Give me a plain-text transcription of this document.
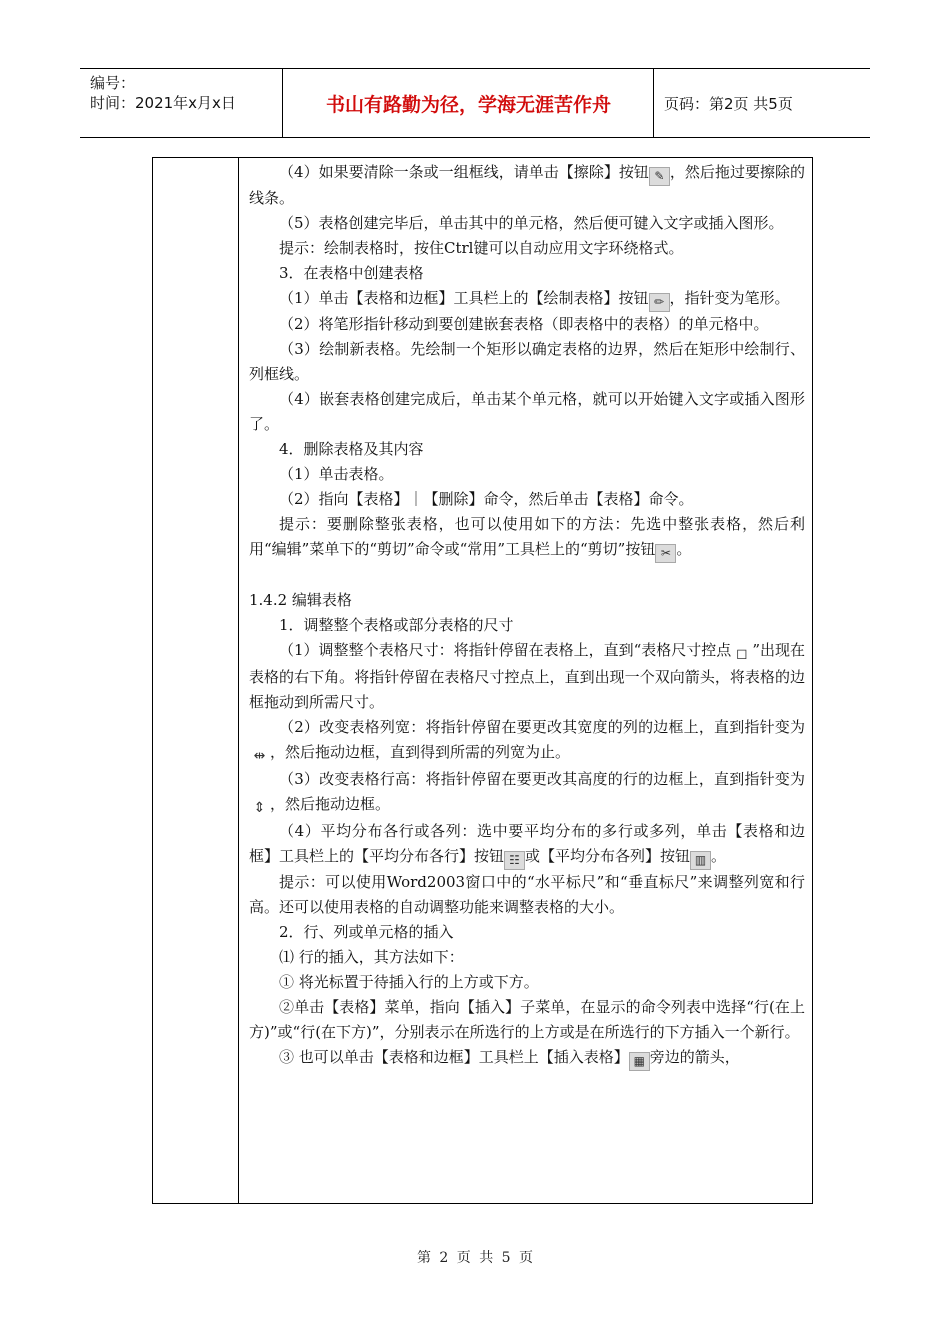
编号：
时间：2021年x月x日	书山有路勤为径，学海无涯苦作舟	页码：第2页 共5页

（4）如果要清除一条或一组框线，请单击【擦除】按钮 ✎ ，然后拖过要擦除的线条。

（5）表格创建完毕后，单击其中的单元格，然后便可键入文字或插入图形。

提示：绘制表格时，按住Ctrl键可以自动应用文字环绕格式。

3．在表格中创建表格

（1）单击【表格和边框】工具栏上的【绘制表格】按钮 ✏ ，指针变为笔形。

（2）将笔形指针移动到要创建嵌套表格（即表格中的表格）的单元格中。

（3）绘制新表格。先绘制一个矩形以确定表格的边界，然后在矩形中绘制行、列框线。

（4）嵌套表格创建完成后，单击某个单元格，就可以开始键入文字或插入图形了。

4．删除表格及其内容

（1）单击表格。

（2）指向【表格】｜【删除】命令，然后单击【表格】命令。

提示：要删除整张表格，也可以使用如下的方法：先选中整张表格，然后利用“编辑”菜单下的“剪切”命令或“常用”工具栏上的“剪切”按钮 ✂ 。

1.4.2 编辑表格

1．调整整个表格或部分表格的尺寸

（1）调整整个表格尺寸：将指针停留在表格上，直到“表格尺寸控点 ◻ ”出现在表格的右下角。将指针停留在表格尺寸控点上，直到出现一个双向箭头，将表格的边框拖动到所需尺寸。

（2）改变表格列宽：将指针停留在要更改其宽度的列的边框上，直到指针变为⇹ ，然后拖动边框，直到得到所需的列宽为止。

（3）改变表格行高：将指针停留在要更改其高度的行的边框上，直到指针变为⇕ ，然后拖动边框。

（4）平均分布各行或各列：选中要平均分布的多行或多列，单击【表格和边框】工具栏上的【平均分布各行】按钮 ☷ 或【平均分布各列】按钮 ▥ 。

提示：可以使用Word2003窗口中的“水平标尺”和“垂直标尺”来调整列宽和行高。还可以使用表格的自动调整功能来调整表格的大小。

2．行、列或单元格的插入

⑴ 行的插入，其方法如下：

① 将光标置于待插入行的上方或下方。

②单击【表格】菜单，指向【插入】子菜单，在显示的命令列表中选择“行(在上方)”或“行(在下方)”，分别表示在所选行的上方或是在所选行的下方插入一个新行。

③ 也可以单击【表格和边框】工具栏上【插入表格】 ▦ 旁边的箭头，

第 2 页 共 5 页
